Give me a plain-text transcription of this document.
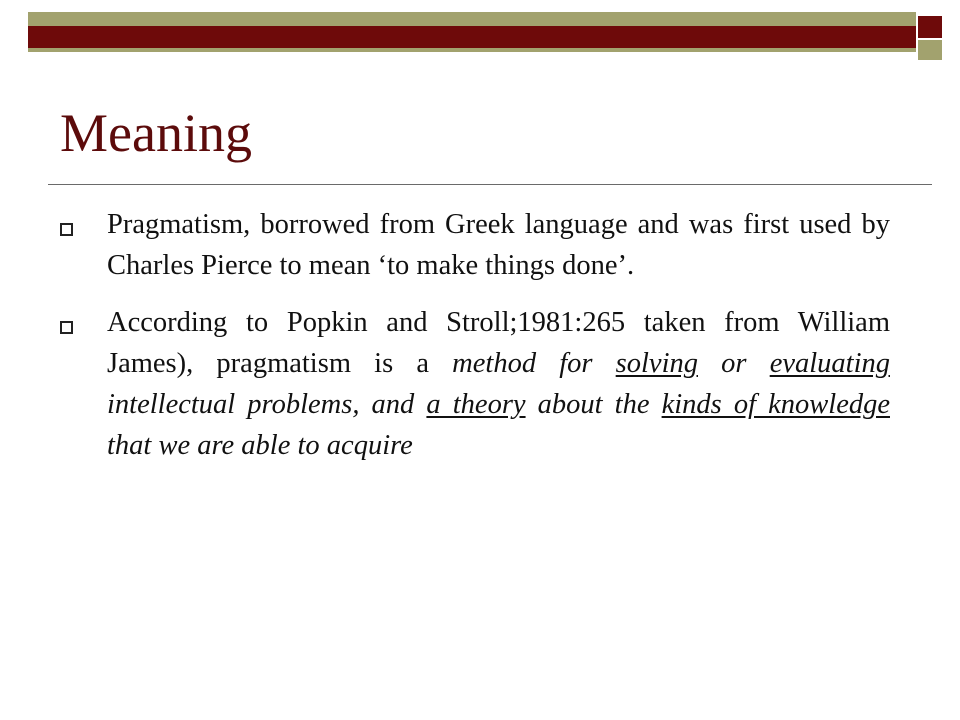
Meaning
Pragmatism, borrowed from Greek language and was first used by Charles Pierce to mean ‘to make things done’.
According to Popkin and Stroll;1981:265 taken from William James), pragmatism is a method for solving or evaluating intellectual problems, and a theory about the kinds of knowledge that we are able to acquire
